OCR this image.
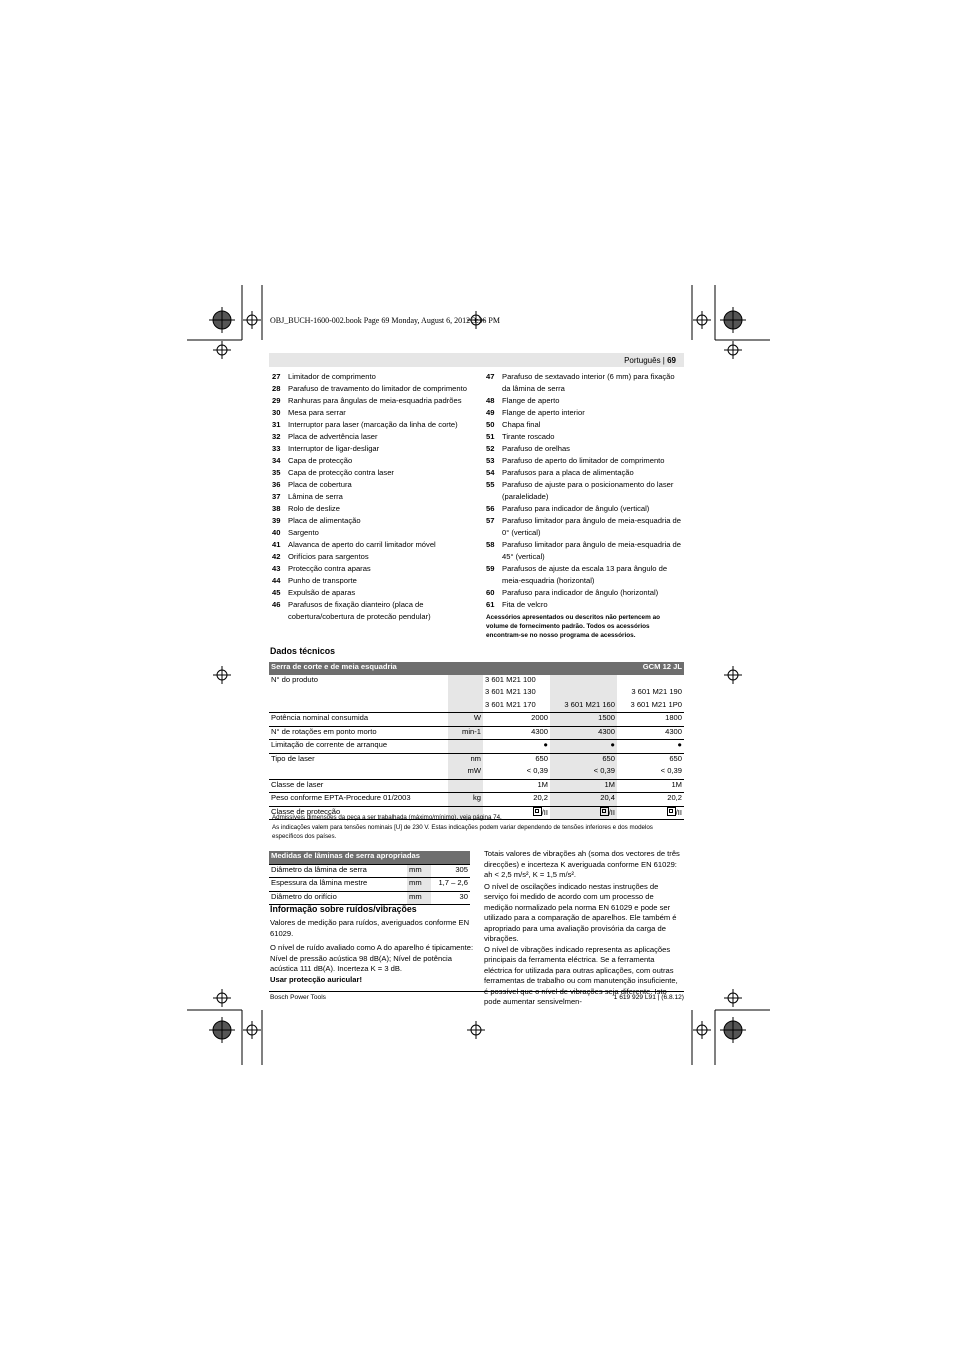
OBJ_BUCH-1600-002.book Page 69 Monday, August 6, 2012 3:36 PM
Português | 69
27 Limitador de comprimento
28 Parafuso de travamento do limitador de comprimento
29 Ranhuras para ângulas de meia-esquadria padrões
30 Mesa para serrar
31 Interruptor para laser (marcação da linha de corte)
32 Placa de advertência laser
33 Interruptor de ligar-desligar
34 Capa de protecção
35 Capa de protecção contra laser
36 Placa de cobertura
37 Lâmina de serra
38 Rolo de deslize
39 Placa de alimentação
40 Sargento
41 Alavanca de aperto do carril limitador móvel
42 Orifícios para sargentos
43 Protecção contra aparas
44 Punho de transporte
45 Expulsão de aparas
46 Parafusos de fixação dianteiro (placa de cobertura/cobertura de protecão pendular)
47 Parafuso de sextavado interior (6 mm) para fixação da lâmina de serra
48 Flange de aperto
49 Flange de aperto interior
50 Chapa final
51 Tirante roscado
52 Parafuso de orelhas
53 Parafuso de aperto do limitador de comprimento
54 Parafusos para a placa de alimentação
55 Parafuso de ajuste para o posicionamento do laser (paralelidade)
56 Parafuso para indicador de ângulo (vertical)
57 Parafuso limitador para ângulo de meia-esquadria de 0° (vertical)
58 Parafuso limitador para ângulo de meia-esquadria de 45° (vertical)
59 Parafusos de ajuste da escala 13 para ângulo de meia-esquadria (horizontal)
60 Parafuso para indicador de ângulo (horizontal)
61 Fita de velcro
Acessórios apresentados ou descritos não pertencem ao volume de fornecimento padrão. Todos os acessórios encontram-se no nosso programa de acessórios.
Dados técnicos
Serra de corte e de meia esquadria				GCM 12 JL
N° do produto		3 601 M21 100		
		3 601 M21 130		3 601 M21 190
		3 601 M21 170	3 601 M21 160	3 601 M21 1P0
Potência nominal consumida	W	2000	1500	1800
N° de rotações em ponto morto	min-1	4300	4300	4300
Limitação de corrente de arranque		●	●	●
Tipo de laser	nm	650	650	650
	mW	< 0,39	< 0,39	< 0,39
Classe de laser		1M	1M	1M
Peso conforme EPTA-Procedure 01/2003	kg	20,2	20,4	20,2
Classe de protecção		/II	/II	/II
Admissíveis dimensões da peça a ser trabalhada (máximo/mínimo), veja página 74.
As indicações valem para tensões nominais [U] de 230 V. Estas indicações podem variar dependendo de tensões inferiores e dos modelos específicos dos países.
Medidas de lâminas de serra apropriadas		
Diâmetro da lâmina de serra	mm	305
Espessura da lâmina mestre	mm	1,7 – 2,6
Diâmetro do orifício	mm	30
Informação sobre ruídos/vibrações
Valores de medição para ruídos, averiguados conforme EN 61029.
O nível de ruído avaliado como A do aparelho é tipicamente: Nível de pressão acústica 98 dB(A); Nível de potência acústica 111 dB(A). Incerteza K = 3 dB.
Usar protecção auricular!
Totais valores de vibrações ah (soma dos vectores de três direcções) e incerteza K averiguada conforme EN 61029:
ah < 2,5 m/s², K = 1,5 m/s².
O nível de oscilações indicado nestas instruções de serviço foi medido de acordo com um processo de medição normalizado pela norma EN 61029 e pode ser utilizado para a comparação de aparelhos. Ele também é apropriado para uma avaliação provisória da carga de vibrações.
O nível de vibrações indicado representa as aplicações principais da ferramenta eléctrica. Se a ferramenta eléctrica for utilizada para outras aplicações, com outras ferramentas de trabalho ou com manutenção insuficiente, é possível que o nível de vibrações seja diferente. Isto pode aumentar sensivelmen-
Bosch Power Tools	1 619 929 L91 | (6.8.12)
